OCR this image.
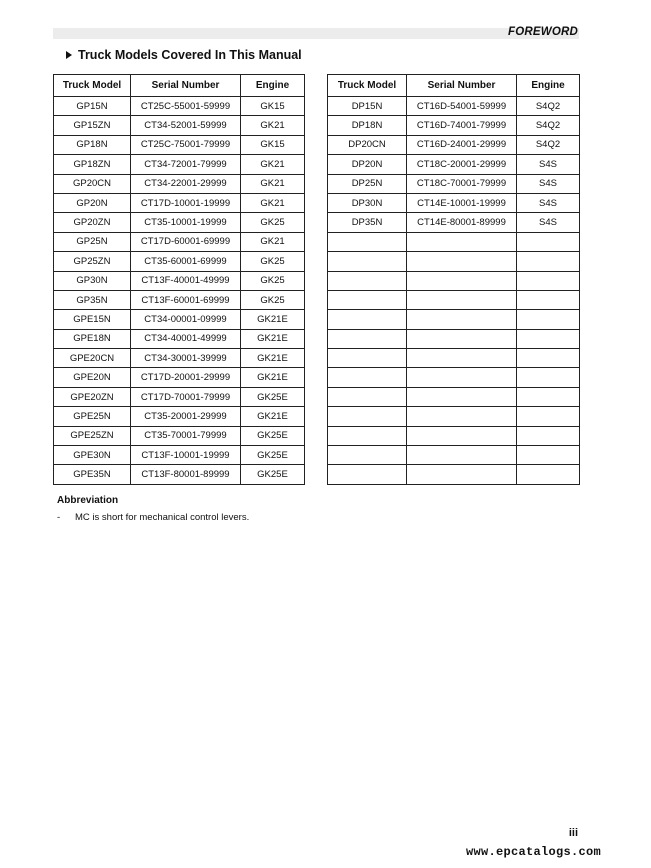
FOREWORD
Truck Models Covered In This Manual
Truck Model	Serial Number	Engine
GP15N	CT25C-55001-59999	GK15
GP15ZN	CT34-52001-59999	GK21
GP18N	CT25C-75001-79999	GK15
GP18ZN	CT34-72001-79999	GK21
GP20CN	CT34-22001-29999	GK21
GP20N	CT17D-10001-19999	GK21
GP20ZN	CT35-10001-19999	GK25
GP25N	CT17D-60001-69999	GK21
GP25ZN	CT35-60001-69999	GK25
GP30N	CT13F-40001-49999	GK25
GP35N	CT13F-60001-69999	GK25
GPE15N	CT34-00001-09999	GK21E
GPE18N	CT34-40001-49999	GK21E
GPE20CN	CT34-30001-39999	GK21E
GPE20N	CT17D-20001-29999	GK21E
GPE20ZN	CT17D-70001-79999	GK25E
GPE25N	CT35-20001-29999	GK21E
GPE25ZN	CT35-70001-79999	GK25E
GPE30N	CT13F-10001-19999	GK25E
GPE35N	CT13F-80001-89999	GK25E
Truck Model	Serial Number	Engine
DP15N	CT16D-54001-59999	S4Q2
DP18N	CT16D-74001-79999	S4Q2
DP20CN	CT16D-24001-29999	S4Q2
DP20N	CT18C-20001-29999	S4S
DP25N	CT18C-70001-79999	S4S
DP30N	CT14E-10001-19999	S4S
DP35N	CT14E-80001-89999	S4S

Abbreviation
-	MC is short for mechanical control levers.
iii
www.epcatalogs.com
